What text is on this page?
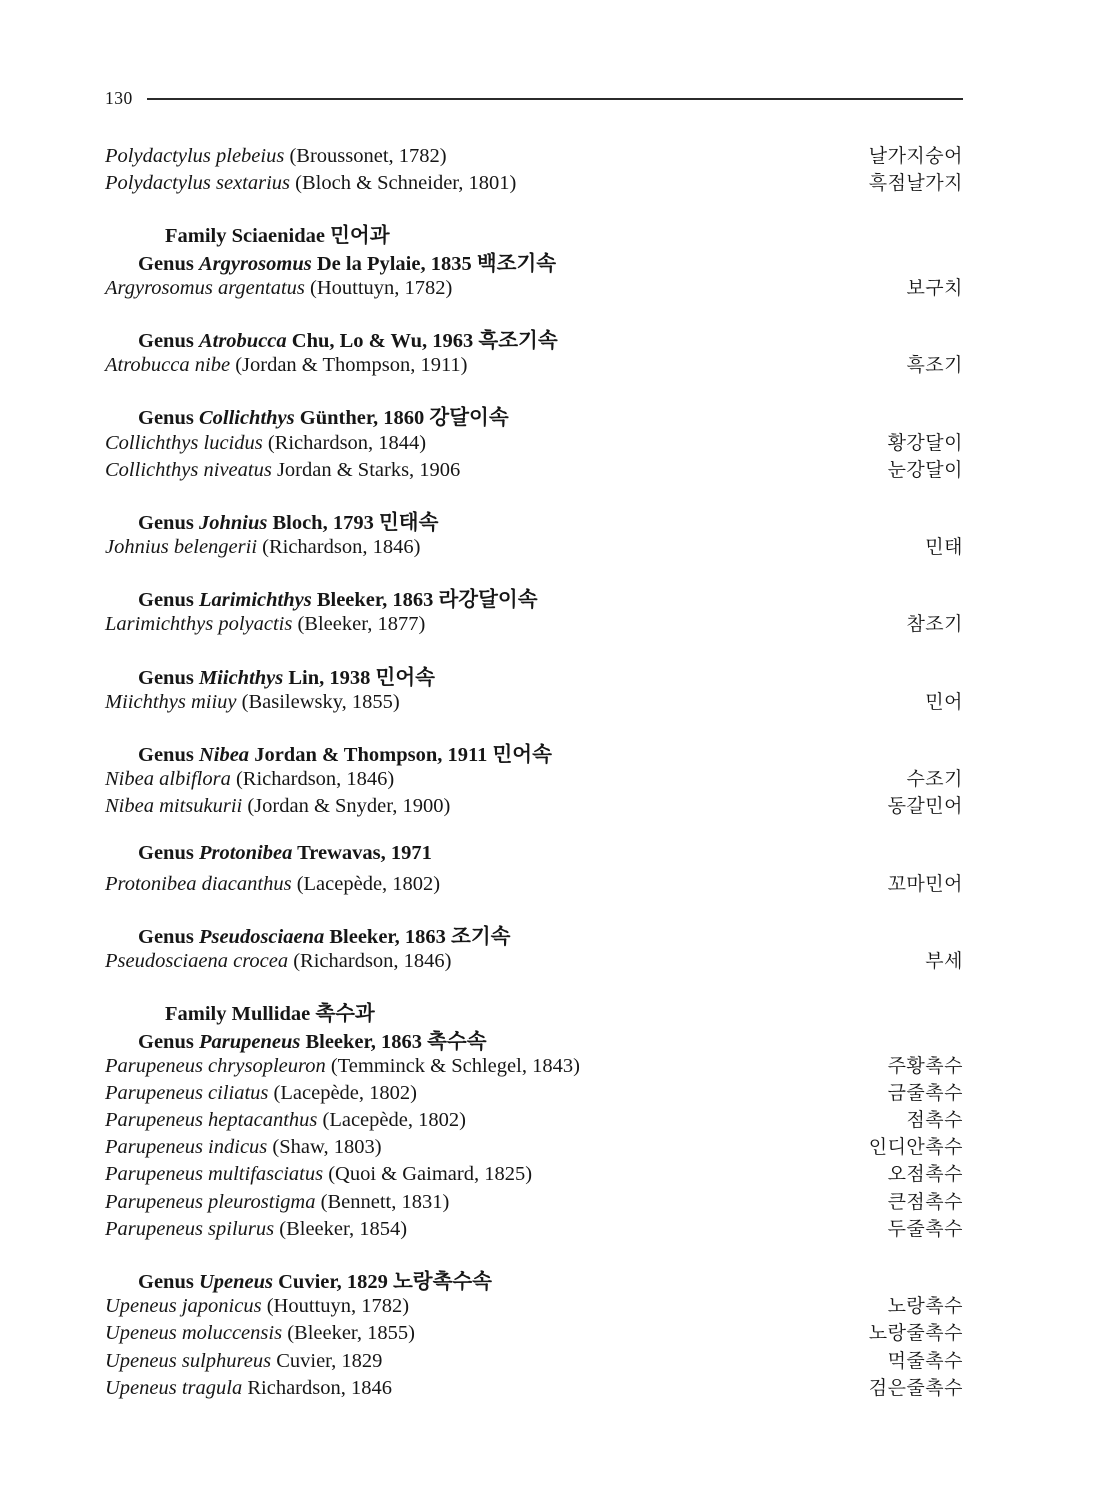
130
Polydactylus plebeius (Broussonet, 1782)	날가지숭어
Polydactylus sextarius (Bloch & Schneider, 1801)	흑점날가지
Family Sciaenidae 민어과
Genus Argyrosomus De la Pylaie, 1835 백조기속
Argyrosomus argentatus (Houttuyn, 1782)	보구치
Genus Atrobucca Chu, Lo & Wu, 1963 흑조기속
Atrobucca nibe (Jordan & Thompson, 1911)	흑조기
Genus Collichthys Günther, 1860 강달이속
Collichthys lucidus (Richardson, 1844)	황강달이
Collichthys niveatus Jordan & Starks, 1906	눈강달이
Genus Johnius Bloch, 1793 민태속
Johnius belengerii (Richardson, 1846)	민태
Genus Larimichthys Bleeker, 1863 라강달이속
Larimichthys polyactis (Bleeker, 1877)	참조기
Genus Miichthys Lin, 1938 민어속
Miichthys miiuy (Basilewsky, 1855)	민어
Genus Nibea Jordan & Thompson, 1911 민어속
Nibea albiflora (Richardson, 1846)	수조기
Nibea mitsukurii (Jordan & Snyder, 1900)	동갈민어
Genus Protonibea Trewavas, 1971
Protonibea diacanthus (Lacepède, 1802)	꼬마민어
Genus Pseudosciaena Bleeker, 1863 조기속
Pseudosciaena crocea (Richardson, 1846)	부세
Family Mullidae 촉수과
Genus Parupeneus Bleeker, 1863 촉수속
Parupeneus chrysopleuron (Temminck & Schlegel, 1843)	주황촉수
Parupeneus ciliatus (Lacepède, 1802)	금줄촉수
Parupeneus heptacanthus (Lacepède, 1802)	점촉수
Parupeneus indicus (Shaw, 1803)	인디안촉수
Parupeneus multifasciatus (Quoi & Gaimard, 1825)	오점촉수
Parupeneus pleurostigma (Bennett, 1831)	큰점촉수
Parupeneus spilurus (Bleeker, 1854)	두줄촉수
Genus Upeneus Cuvier, 1829 노랑촉수속
Upeneus japonicus (Houttuyn, 1782)	노랑촉수
Upeneus moluccensis (Bleeker, 1855)	노랑줄촉수
Upeneus sulphureus Cuvier, 1829	먹줄촉수
Upeneus tragula Richardson, 1846	검은줄촉수
